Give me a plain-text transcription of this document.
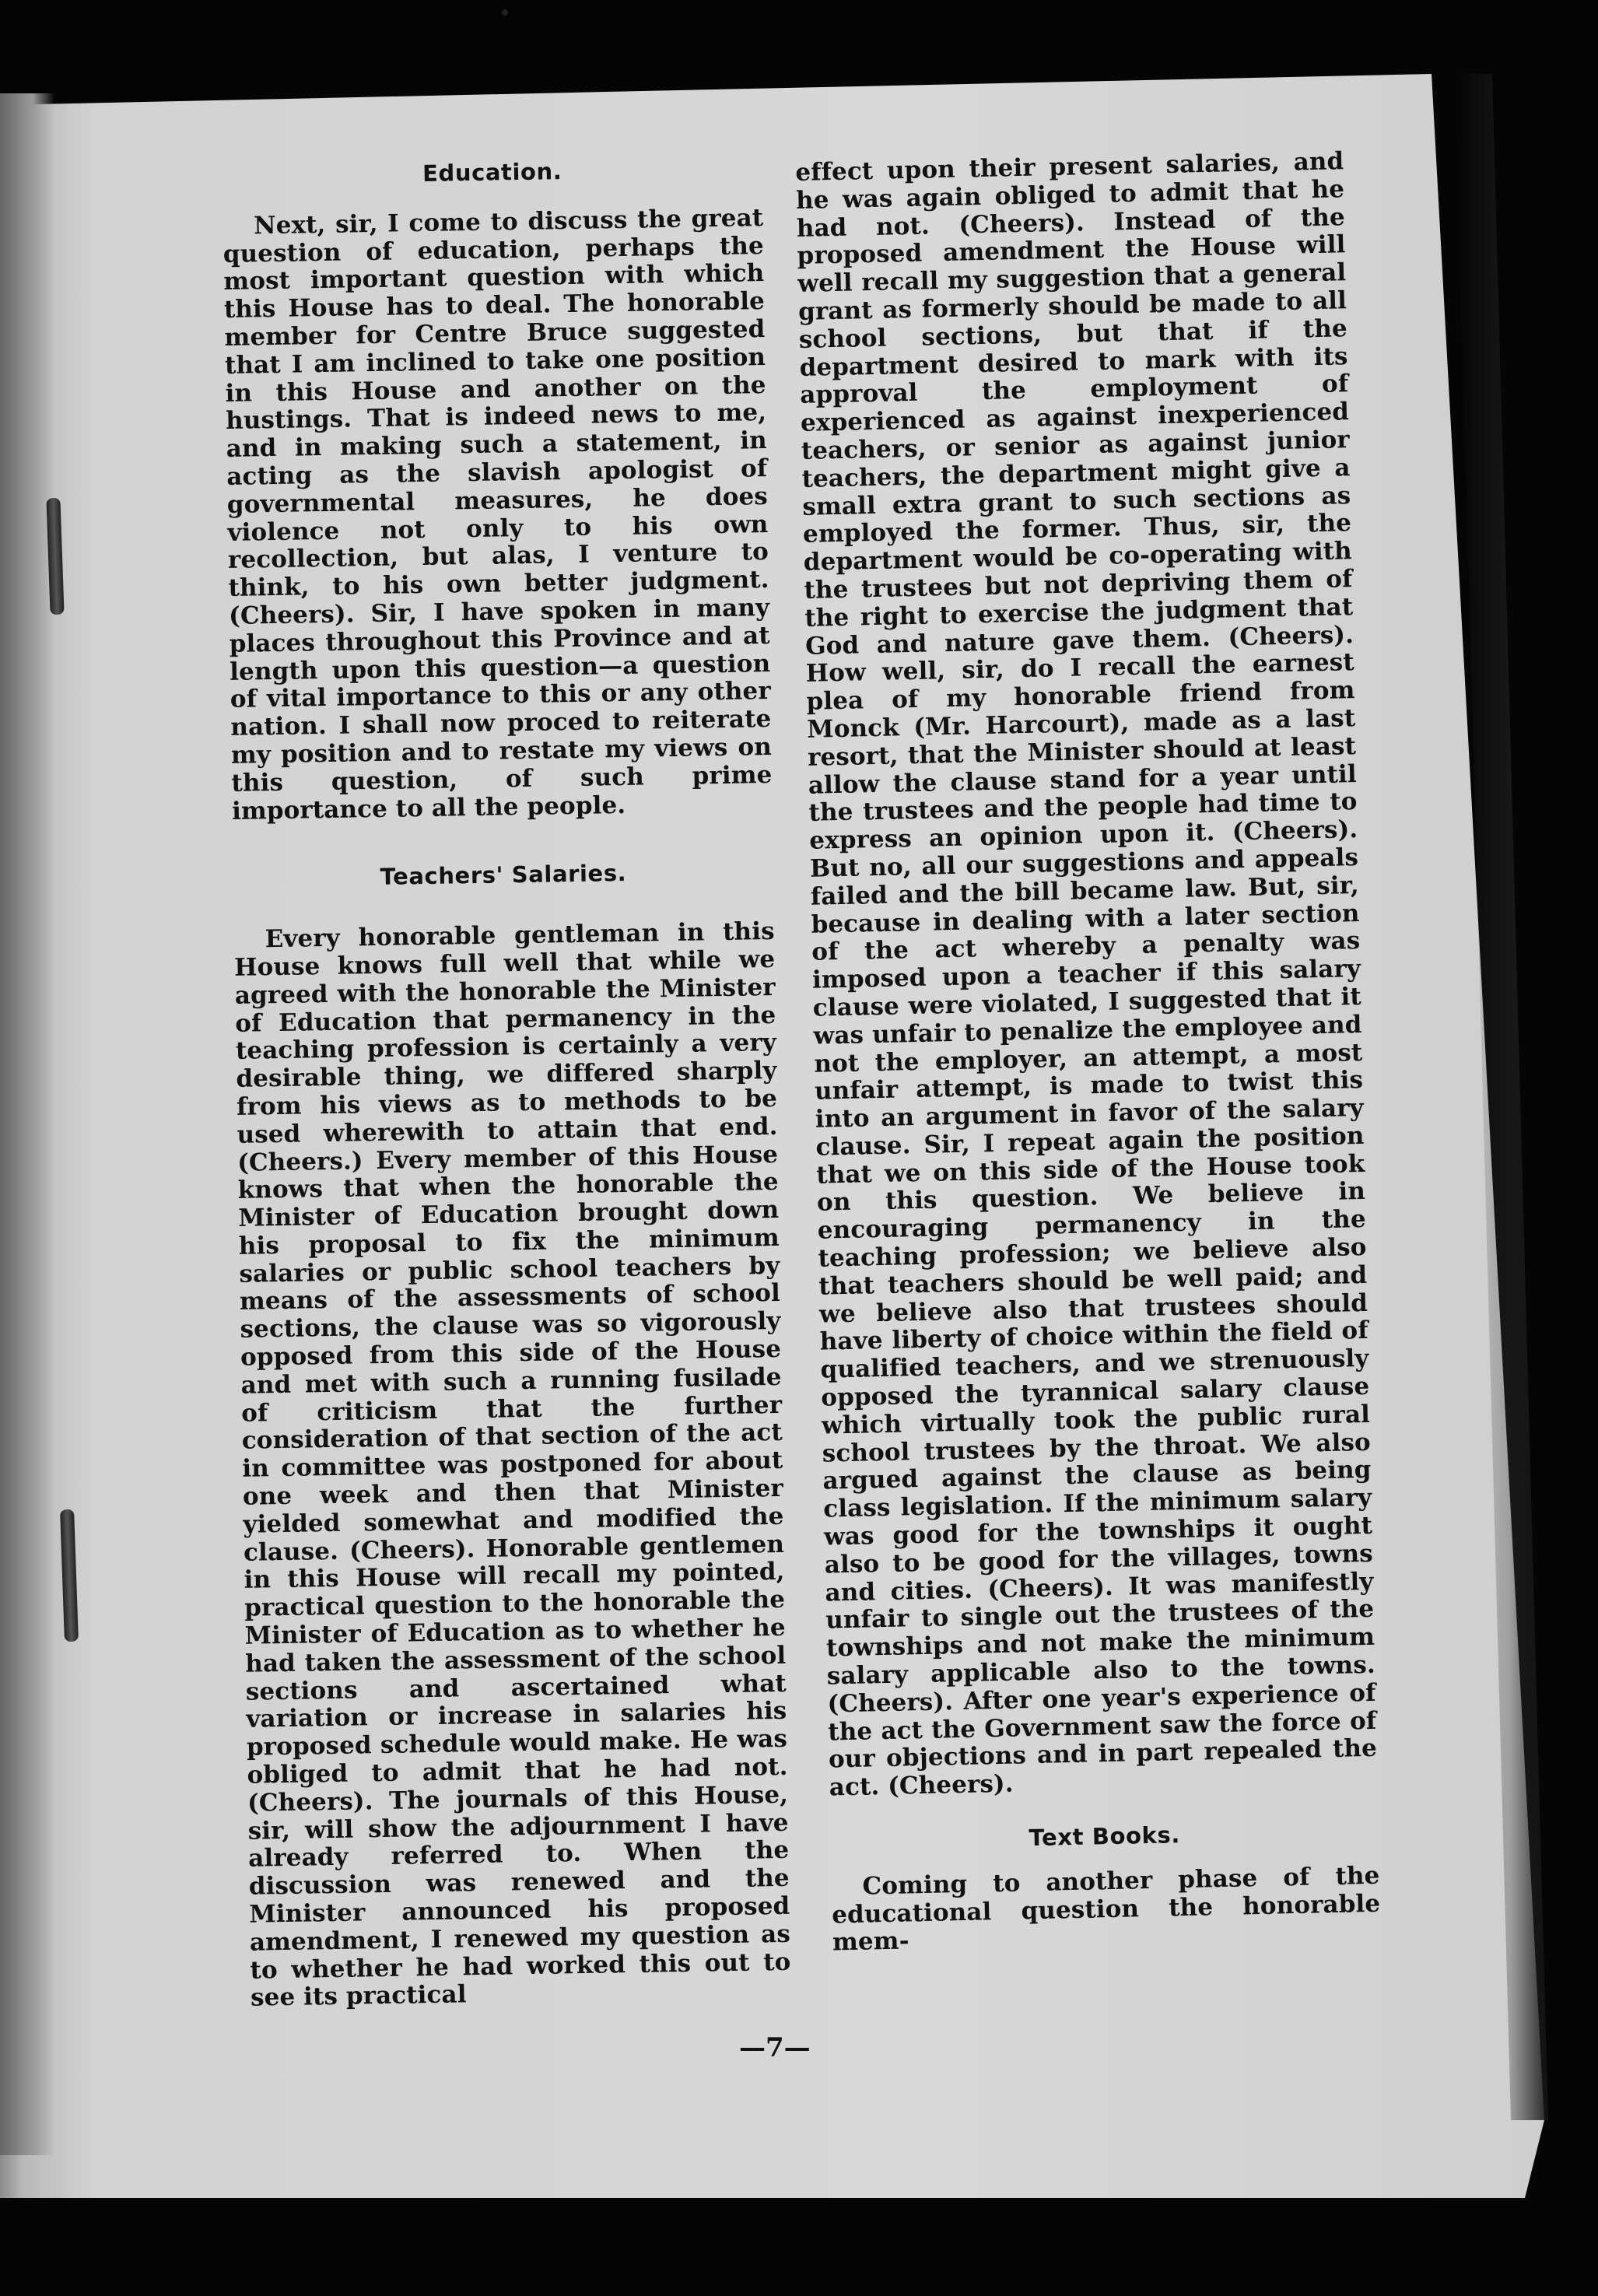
Education.

Next, sir, I come to discuss the great question of education, perhaps the most important question with which this House has to deal. The honorable member for Centre Bruce suggested that I am inclined to take one position in this House and another on the hustings. That is indeed news to me, and in making such a statement, in acting as the slavish apologist of governmental measures, he does violence not only to his own recollection, but alas, I venture to think, to his own better judgment. (Cheers). Sir, I have spoken in many places throughout this Province and at length upon this question—a question of vital importance to this or any other nation. I shall now proced to reiterate my position and to restate my views on this question, of such prime importance to all the people.

Teachers' Salaries.

Every honorable gentleman in this House knows full well that while we agreed with the honorable the Minister of Education that permanency in the teaching profession is certainly a very desirable thing, we differed sharply from his views as to methods to be used wherewith to attain that end. (Cheers.) Every member of this House knows that when the honorable the Minister of Education brought down his proposal to fix the minimum salaries or public school teachers by means of the assessments of school sections, the clause was so vigorously opposed from this side of the House and met with such a running fusilade of criticism that the further consideration of that section of the act in committee was postponed for about one week and then that Minister yielded somewhat and modified the clause. (Cheers). Honorable gentlemen in this House will recall my pointed, practical question to the honorable the Minister of Education as to whether he had taken the assessment of the school sections and ascertained what variation or increase in salaries his proposed schedule would make. He was obliged to admit that he had not. (Cheers). The journals of this House, sir, will show the adjournment I have already referred to. When the discussion was renewed and the Minister announced his proposed amendment, I renewed my question as to whether he had worked this out to see its practical

effect upon their present salaries, and he was again obliged to admit that he had not. (Cheers). Instead of the proposed amendment the House will well recall my suggestion that a general grant as formerly should be made to all school sections, but that if the department desired to mark with its approval the employment of experienced as against inexperienced teachers, or senior as against junior teachers, the department might give a small extra grant to such sections as employed the former. Thus, sir, the department would be co-operating with the trustees but not depriving them of the right to exercise the judgment that God and nature gave them. (Cheers). How well, sir, do I recall the earnest plea of my honorable friend from Monck (Mr. Harcourt), made as a last resort, that the Minister should at least allow the clause stand for a year until the trustees and the people had time to express an opinion upon it. (Cheers). But no, all our suggestions and appeals failed and the bill became law. But, sir, because in dealing with a later section of the act whereby a penalty was imposed upon a teacher if this salary clause were violated, I suggested that it was unfair to penalize the employee and not the employer, an attempt, a most unfair attempt, is made to twist this into an argument in favor of the salary clause. Sir, I repeat again the position that we on this side of the House took on this question. We believe in encouraging permanency in the teaching profession; we believe also that teachers should be well paid; and we believe also that trustees should have liberty of choice within the field of qualified teachers, and we strenuously opposed the tyrannical salary clause which virtually took the public rural school trustees by the throat. We also argued against the clause as being class legislation. If the minimum salary was good for the townships it ought also to be good for the villages, towns and cities. (Cheers). It was manifestly unfair to single out the trustees of the townships and not make the minimum salary applicable also to the towns. (Cheers). After one year's experience of the act the Government saw the force of our objections and in part repealed the act. (Cheers).

Text Books.

Coming to another phase of the educational question the honorable mem-

—7—
